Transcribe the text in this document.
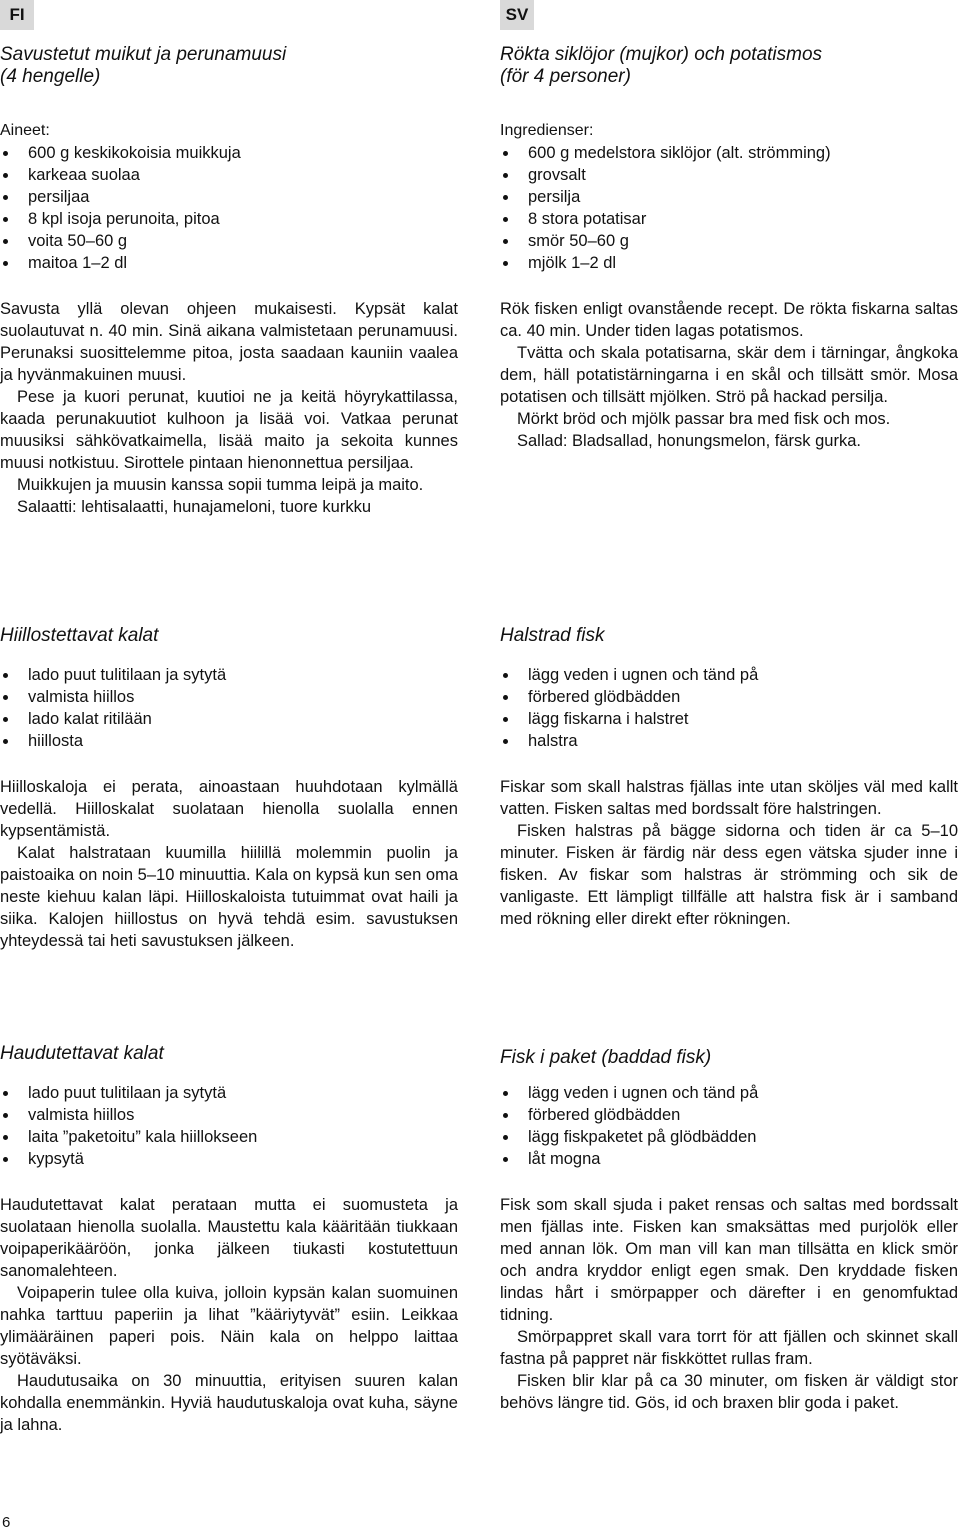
FI	SV
Savustetut muikut ja perunamuusi
(4 hengelle)

Aineet:

600 g keskikokoisia muikkuja
karkeaa suolaa
persiljaa
8 kpl isoja perunoita, pitoa
voita 50–60 g
maitoa 1–2 dl

Savusta yllä olevan ohjeen mukaisesti. Kypsät kalat suolautuvat n. 40 min. Sinä aikana valmistetaan perunamuusi. Perunaksi suosittelemme pitoa, josta saadaan kauniin vaalea ja hyvänmakuinen muusi.

Pese ja kuori perunat, kuutioi ne ja keitä höyrykattilassa, kaada perunakuutiot kulhoon ja lisää voi. Vatkaa perunat muusiksi sähkövatkaimella, lisää maito ja sekoita kunnes muusi notkistuu. Sirottele pintaan hienonnettua persiljaa.

Muikkujen ja muusin kanssa sopii tumma leipä ja maito.

Salaatti: lehtisalaatti, hunajameloni, tuore kurkku

Hiillostettavat kalat
lado puut tulitilaan ja sytytä
valmista hiillos
lado kalat ritilään
hiillosta

Hiilloskaloja ei perata, ainoastaan huuhdotaan kylmällä vedellä. Hiilloskalat suolataan hienolla suolalla ennen kypsentämistä.

Kalat halstrataan kuumilla hiilillä molemmin puolin ja paistoaika on noin 5–10 minuuttia. Kala on kypsä kun sen oma neste kiehuu kalan läpi. Hiilloskaloista tutuimmat ovat haili ja siika. Kalojen hiillostus on hyvä tehdä esim. savustuksen yhteydessä tai heti savustuksen jälkeen.

Haudutettavat kalat
lado puut tulitilaan ja sytytä
valmista hiillos
laita ”paketoitu” kala hiillokseen
kypsytä

Haudutettavat kalat perataan mutta ei suomusteta ja suolataan hienolla suolalla. Maustettu kala kääritään tiukkaan voipaperikääröön, jonka jälkeen tiukasti kostutettuun sanomalehteen.

Voipaperin tulee olla kuiva, jolloin kypsän kalan suomuinen nahka tarttuu paperiin ja lihat ”kääriytyvät” esiin. Leikkaa ylimääräinen paperi pois. Näin kala on helppo laittaa syötäväksi.

Haudutusaika on 30 minuuttia, erityisen suuren kalan kohdalla enemmänkin. Hyviä haudutuskaloja ovat kuha, säyne ja lahna.

Rökta siklöjor (mujkor) och potatismos
(för 4 personer)

Ingredienser:

600 g medelstora siklöjor (alt. strömming)
grovsalt
persilja
8 stora potatisar
smör 50–60 g
mjölk 1–2 dl

Rök fisken enligt ovanstående recept. De rökta fiskarna saltas ca. 40 min. Under tiden lagas potatismos.

Tvätta och skala potatisarna, skär dem i tärningar, ångkoka dem, häll potatistärningarna i en skål och tillsätt smör. Mosa potatisen och tillsätt mjölken. Strö på hackad persilja.

Mörkt bröd och mjölk passar bra med fisk och mos.

Sallad: Bladsallad, honungsmelon, färsk gurka.

Halstrad fisk
lägg veden i ugnen och tänd på
förbered glödbädden
lägg fiskarna i halstret
halstra

Fiskar som skall halstras fjällas inte utan sköljes väl med kallt vatten. Fisken saltas med bordssalt före halstringen.

Fisken halstras på bägge sidorna och tiden är ca 5–10 minuter. Fisken är färdig när dess egen vätska sjuder inne i fisken. Av fiskar som halstras är strömming och sik de vanligaste. Ett lämpligt tillfälle att halstra fisk är i samband med rökning eller direkt efter rökningen.

Fisk i paket (baddad fisk)
lägg veden i ugnen och tänd på
förbered glödbädden
lägg fiskpaketet på glödbädden
låt mogna

Fisk som skall sjuda i paket rensas och saltas med bordssalt men fjällas inte. Fisken kan smaksättas med purjolök eller med annan lök. Om man vill kan man tillsätta en klick smör och andra kryddor enligt egen smak. Den kryddade fisken lindas hårt i smörpapper och därefter i en genomfuktad tidning.

Smörpappret skall vara torrt för att fjällen och skinnet skall fastna på pappret när fiskköttet rullas fram.

Fisken blir klar på ca 30 minuter, om fisken är väldigt stor behövs längre tid. Gös, id och braxen blir goda i paket.

6
